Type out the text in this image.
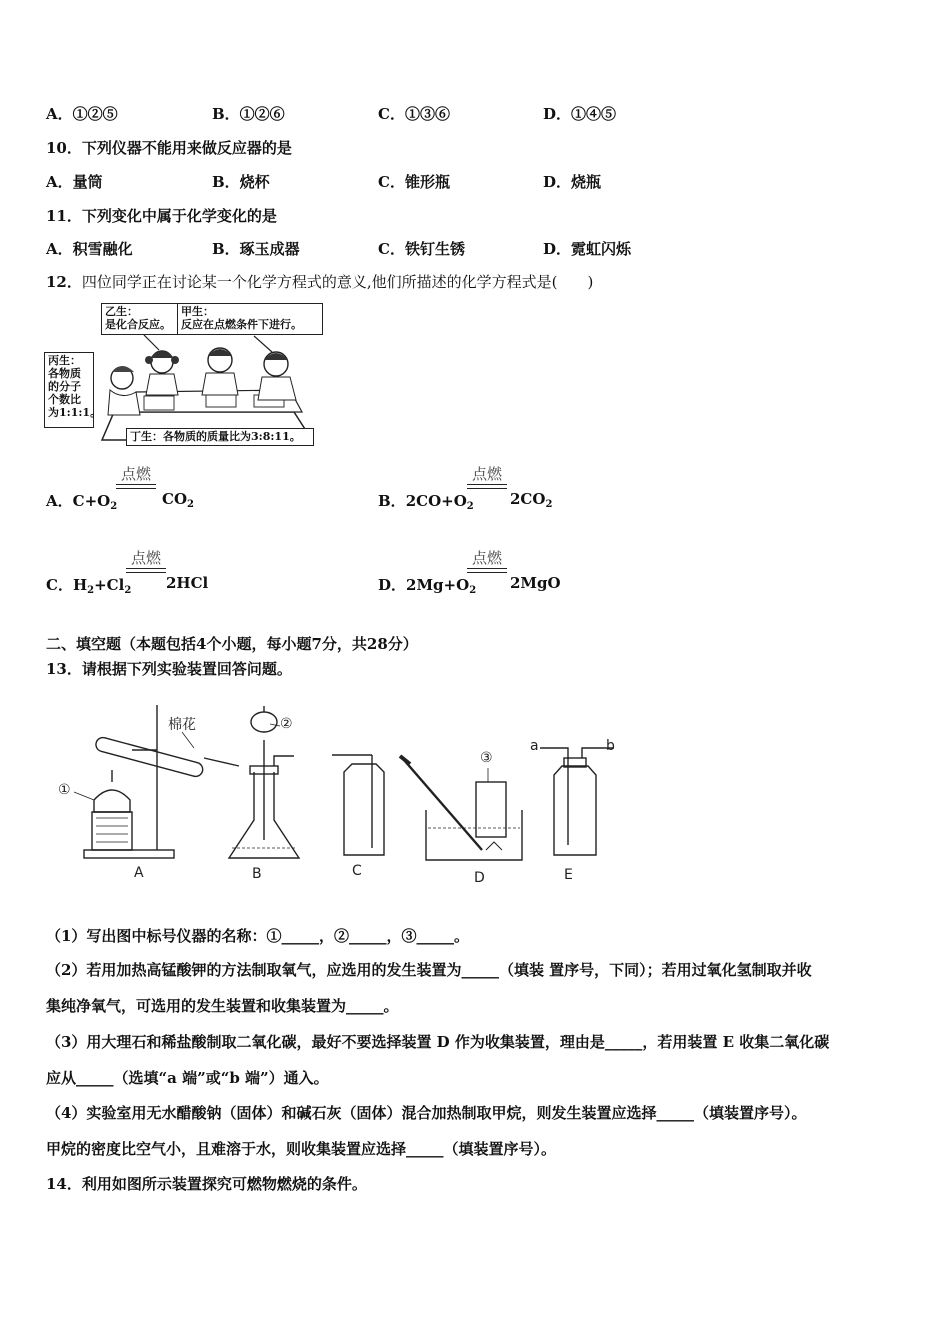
A．①②⑤	B．①②⑥	C．①③⑥	D．①④⑤
10．下列仪器不能用来做反应器的是
A．量筒	B．烧杯	C．锥形瓶	D．烧瓶
11．下列变化中属于化学变化的是
A．积雪融化	B．琢玉成器	C．铁钉生锈	D．霓虹闪烁
12．四位同学正在讨论某一个化学方程式的意义,他们所描述的化学方程式是(　　)
乙生：
是化合反应。
甲生：
反应在点燃条件下进行。
丙生：
各物质
的分子
个数比
为1:1:1。
丁生：各物质的质量比为3:8:11。
A．$C+O_2$
点燃
$CO_2$	B．$2CO+O_2$
点燃
$2CO_2$
C．$H_2+Cl_2$
点燃
2HCl	D．$2Mg+O_2$
点燃
2MgO
二、填空题（本题包括4个小题，每小题7分，共28分）
13．请根据下列实验装置回答问题。
棉花
①
②
③
a	b
A	B	C	D	E
（1）写出图中标号仪器的名称：①_____，②_____，③_____。
（2）若用加热高锰酸钾的方法制取氧气，应选用的发生装置为_____（填装 置序号，下同）；若用过氧化氢制取并收
集纯净氧气，可选用的发生装置和收集装置为_____。
（3）用大理石和稀盐酸制取二氧化碳，最好不要选择装置 D 作为收集装置，理由是_____，若用装置 E 收集二氧化碳
应从_____（选填“a 端”或“b 端”）通入。
（4）实验室用无水醋酸钠（固体）和碱石灰（固体）混合加热制取甲烷，则发生装置应选择_____（填装置序号）。
甲烷的密度比空气小，且难溶于水，则收集装置应选择_____（填装置序号）。
14．利用如图所示装置探究可燃物燃烧的条件。
